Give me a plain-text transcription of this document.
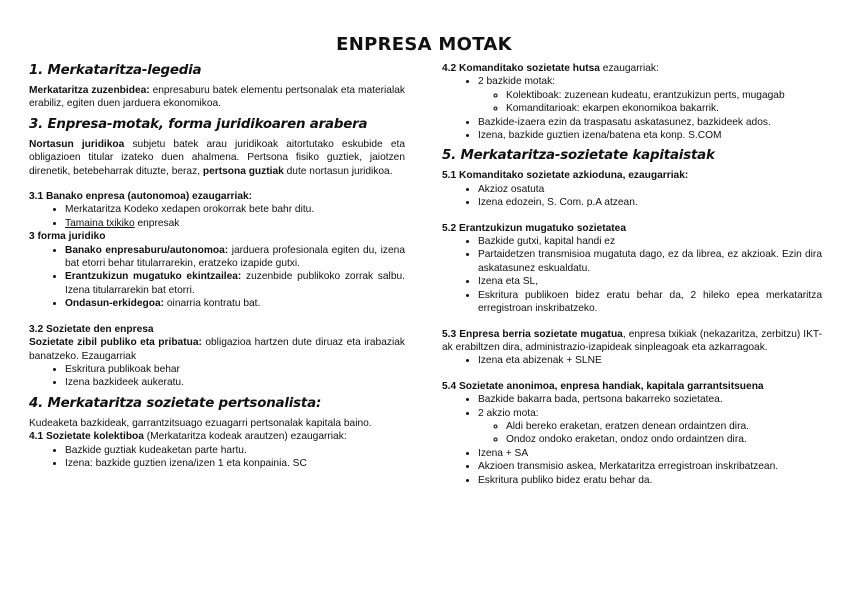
ENPRESA MOTAK
1. Merkataritza-legedia

Merkataritza zuzenbidea: enpresaburu batek elementu pertsonalak eta materialak erabiliz, egiten duen jarduera ekonomikoa.

3. Enpresa-motak, forma juridikoaren arabera

Nortasun juridikoa subjetu batek arau juridikoak aitortutako eskubide eta obligazioen titular izateko duen ahalmena. Pertsona fisiko guztiek, jaiotzen direnetik, betebeharrak dituzte, beraz, pertsona guztiak dute nortasun juridikoa.

3.1 Banako enpresa (autonomoa) ezaugarriak:
• Merkataritza Kodeko xedapen orokorrak bete bahr ditu.
• Tamaina txikiko enpresak
3 forma juridiko
• Banako enpresaburu/autonomoa: jarduera profesionala egiten du, izena bat etorri behar titularrarekin, eratzeko izapide gutxi.
• Erantzukizun mugatuko ekintzailea: zuzenbide publikoko zorrak salbu. Izena titularrarekin bat etorri.
• Ondasun-erkidegoa: oinarria kontratu bat.
3.2 Sozietate den enpresa

Sozietate zibil publiko eta pribatua: obligazioa hartzen dute diruaz eta irabaziak banatzeko. Ezaugarriak

• Eskritura publikoak behar
• Izena bazkideek aukeratu.
4. Merkataritza sozietate pertsonalista:

Kudeaketa bazkideak, garrantzitsuago ezuagarri pertsonalak kapitala baino.

4.1 Sozietate kolektiboa (Merkataritza kodeak arautzen) ezaugarriak:

• Bazkide guztiak kudeaketan parte hartu.
• Izena: bazkide guztien izena/izen 1 eta konpainia. SC

4.2 Komanditako sozietate hutsa ezaugarriak:

• 2 bazkide motak:
◦ Kolektiboak: zuzenean kudeatu, erantzukizun perts, mugagab
◦ Komanditarioak: ekarpen ekonomikoa bakarrik.
• Bazkide-izaera ezin da traspasatu askatasunez, bazkideek ados.
• Izena, bazkide guztien izena/batena eta konp. S.COM
5. Merkataritza-sozietate kapitaistak
5.1 Komanditako sozietate azkioduna, ezaugarriak:
• Akzioz osatuta
• Izena edozein, S. Com. p.A atzean.
5.2 Erantzukizun mugatuko sozietatea
• Bazkide gutxi, kapital handi ez
• Partaidetzen transmisioa mugatuta dago, ez da librea, ez akzioak. Ezin dira askatasunez eskualdatu.
• Izena eta SL,
• Eskritura publikoen bidez eratu behar da, 2 hileko epea merkataritza erregistroan inskribatzeko.

5.3 Enpresa berria sozietate mugatua, enpresa txikiak (nekazaritza, zerbitzu) IKT-ak erabiltzen dira, administrazio-izapideak sinpleagoak eta azkarragoak.

• Izena eta abizenak + SLNE
5.4 Sozietate anonimoa, enpresa handiak, kapitala garrantsitsuena
• Bazkide bakarra bada, pertsona bakarreko sozietatea.
• 2 akzio mota:
◦ Aldi bereko eraketan, eratzen denean ordaintzen dira.
◦ Ondoz ondoko eraketan, ondoz ondo ordaintzen dira.
• Izena + SA
• Akzioen transmisio askea, Merkataritza erregistroan inskribatzean.
• Eskritura publiko bidez eratu behar da.
